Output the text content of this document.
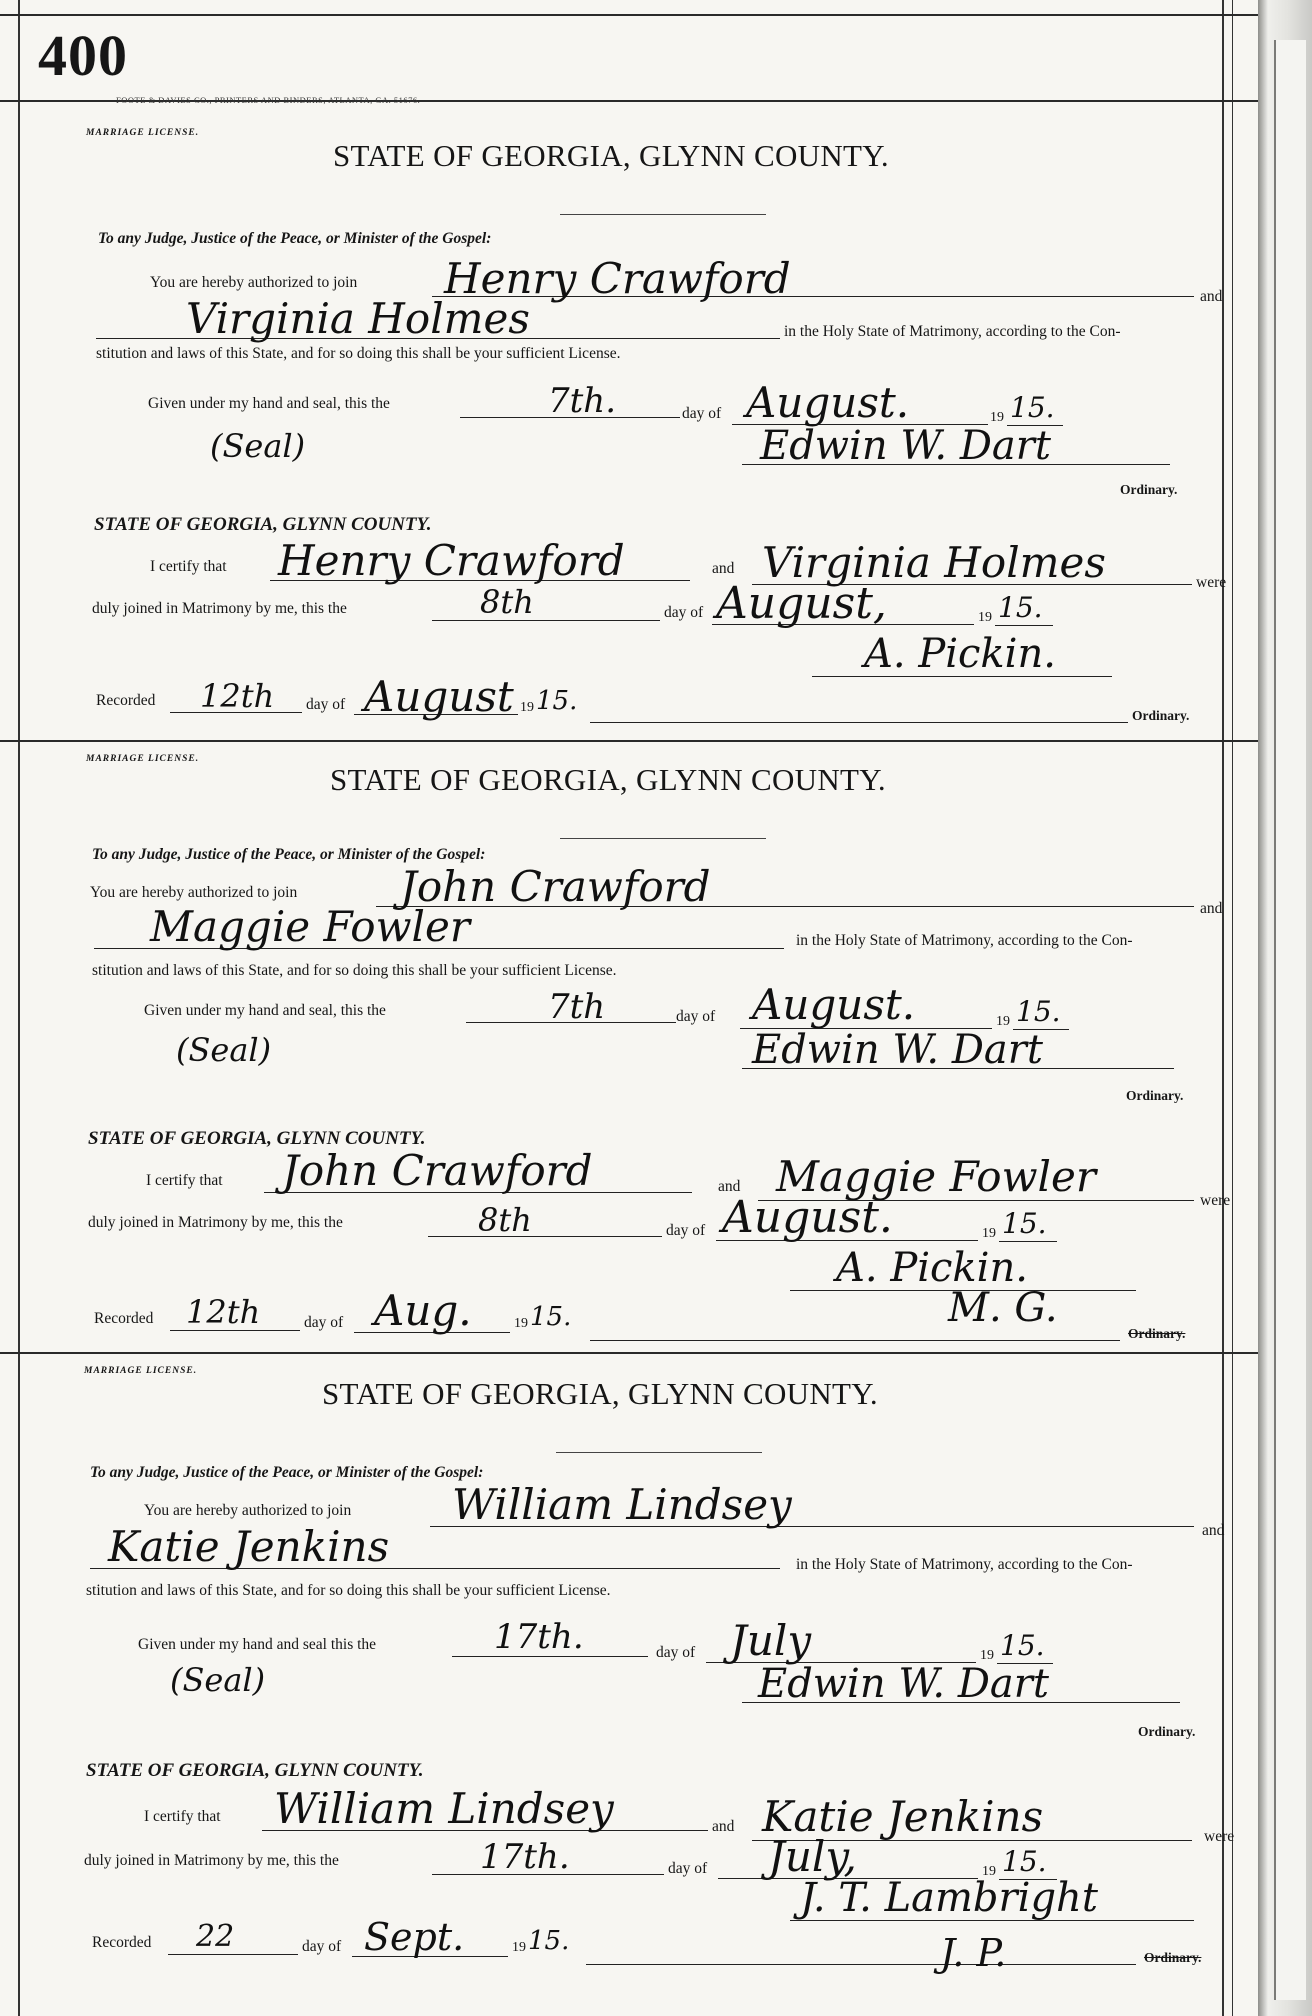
400
FOOTE & DAVIES CO., PRINTERS AND BINDERS, ATLANTA, GA. 51676.
MARRIAGE LICENSE.
STATE OF GEORGIA, GLYNN COUNTY.
To any Judge, Justice of the Peace, or Minister of the Gospel:
You are hereby authorized to join Henry Crawford	and
Virginia Holmes	in the Holy State of Matrimony, according to the Con-
stitution and laws of this State, and for so doing this shall be your sufficient License.
Given under my hand and seal, this the	7th.	day of August.	19 15.
(Seal)	Edwin W. Dart
Ordinary.
STATE OF GEORGIA, GLYNN COUNTY.
I certify that Henry Crawford	and Virginia Holmes	were
duly joined in Matrimony by me, this the	8th	day of August,	19 15.
A. Pickin.
Recorded 12th day of August 19 15.	Ordinary.
MARRIAGE LICENSE.
STATE OF GEORGIA, GLYNN COUNTY.
To any Judge, Justice of the Peace, or Minister of the Gospel:
You are hereby authorized to join John Crawford	and
Maggie Fowler	in the Holy State of Matrimony, according to the Con-
stitution and laws of this State, and for so doing this shall be your sufficient License.
Given under my hand and seal, this the	7th	day of August.	19 15.
(Seal)	Edwin W. Dart
Ordinary.
STATE OF GEORGIA, GLYNN COUNTY.
I certify that John Crawford	and Maggie Fowler	were
duly joined in Matrimony by me, this the	8th	day of August.	19 15.
A. Pickin.
Recorded 12th	day of Aug.	19 15.	M. G.
Ordinary.
MARRIAGE LICENSE.
STATE OF GEORGIA, GLYNN COUNTY.
To any Judge, Justice of the Peace, or Minister of the Gospel:
You are hereby authorized to join William Lindsey
and
Katie Jenkins	in the Holy State of Matrimony, according to the Con-
stitution and laws of this State, and for so doing this shall be your sufficient License.
Given under my hand and seal this the	17th.	day of July	19 15.
(Seal)	Edwin W. Dart
Ordinary.
STATE OF GEORGIA, GLYNN COUNTY.
I certify that William Lindsey	and Katie Jenkins	were
duly joined in Matrimony by me, this the	17th.	day of July,	19 15.
J. T. Lambright
Recorded 22	day of Sept.	19 15.	J. P.	Ordinary.
